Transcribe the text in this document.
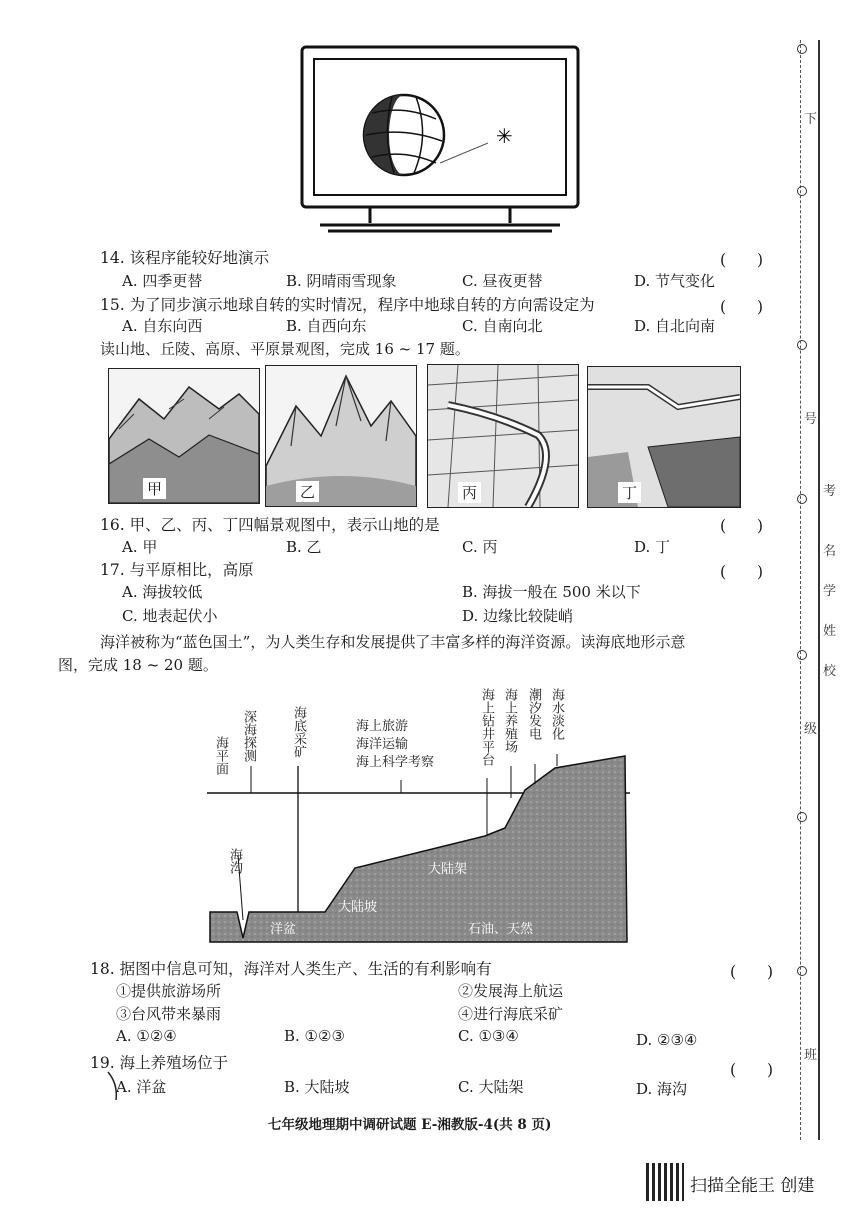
✳
14. 该程序能较好地演示	(　　)
A. 四季更替	B. 阴晴雨雪现象	C. 昼夜更替	D. 节气变化
15. 为了同步演示地球自转的实时情况，程序中地球自转的方向需设定为	(　　)
A. 自东向西	B. 自西向东	C. 自南向北	D. 自北向南
读山地、丘陵、高原、平原景观图，完成 16 ~ 17 题。
甲	乙	丙	丁
16. 甲、乙、丙、丁四幅景观图中，表示山地的是	(　　)
A. 甲	B. 乙	C. 丙	D. 丁
17. 与平原相比，高原	(　　)
A. 海拔较低	B. 海拔一般在 500 米以下
C. 地表起伏小	D. 边缘比较陡峭
海洋被称为“蓝色国土”，为人类生存和发展提供了丰富多样的海洋资源。读海底地形示意
图，完成 18 ~ 20 题。
海平面 深海探测	海底采矿	海上旅游
海洋运输
海上科学考察	海上钻井平台 海上养殖场 潮汐发电 海水淡化
海沟	大陆架
大陆坡
洋盆	石油、天然
18. 据图中信息可知，海洋对人类生产、生活的有利影响有	(　　)
①提供旅游场所	②发展海上航运
③台风带来暴雨	④进行海底采矿
A. ①②④	B. ①②③	C. ①③④	D. ②③④
19. 海上养殖场位于	(　　)
A. 洋盆	B. 大陆坡	C. 大陆架	D. 海沟
七年级地理期中调研试题 E-湘教版-4(共 8 页)
扫描全能王 创建
下
号
考
名
姓
级
班
校
学
